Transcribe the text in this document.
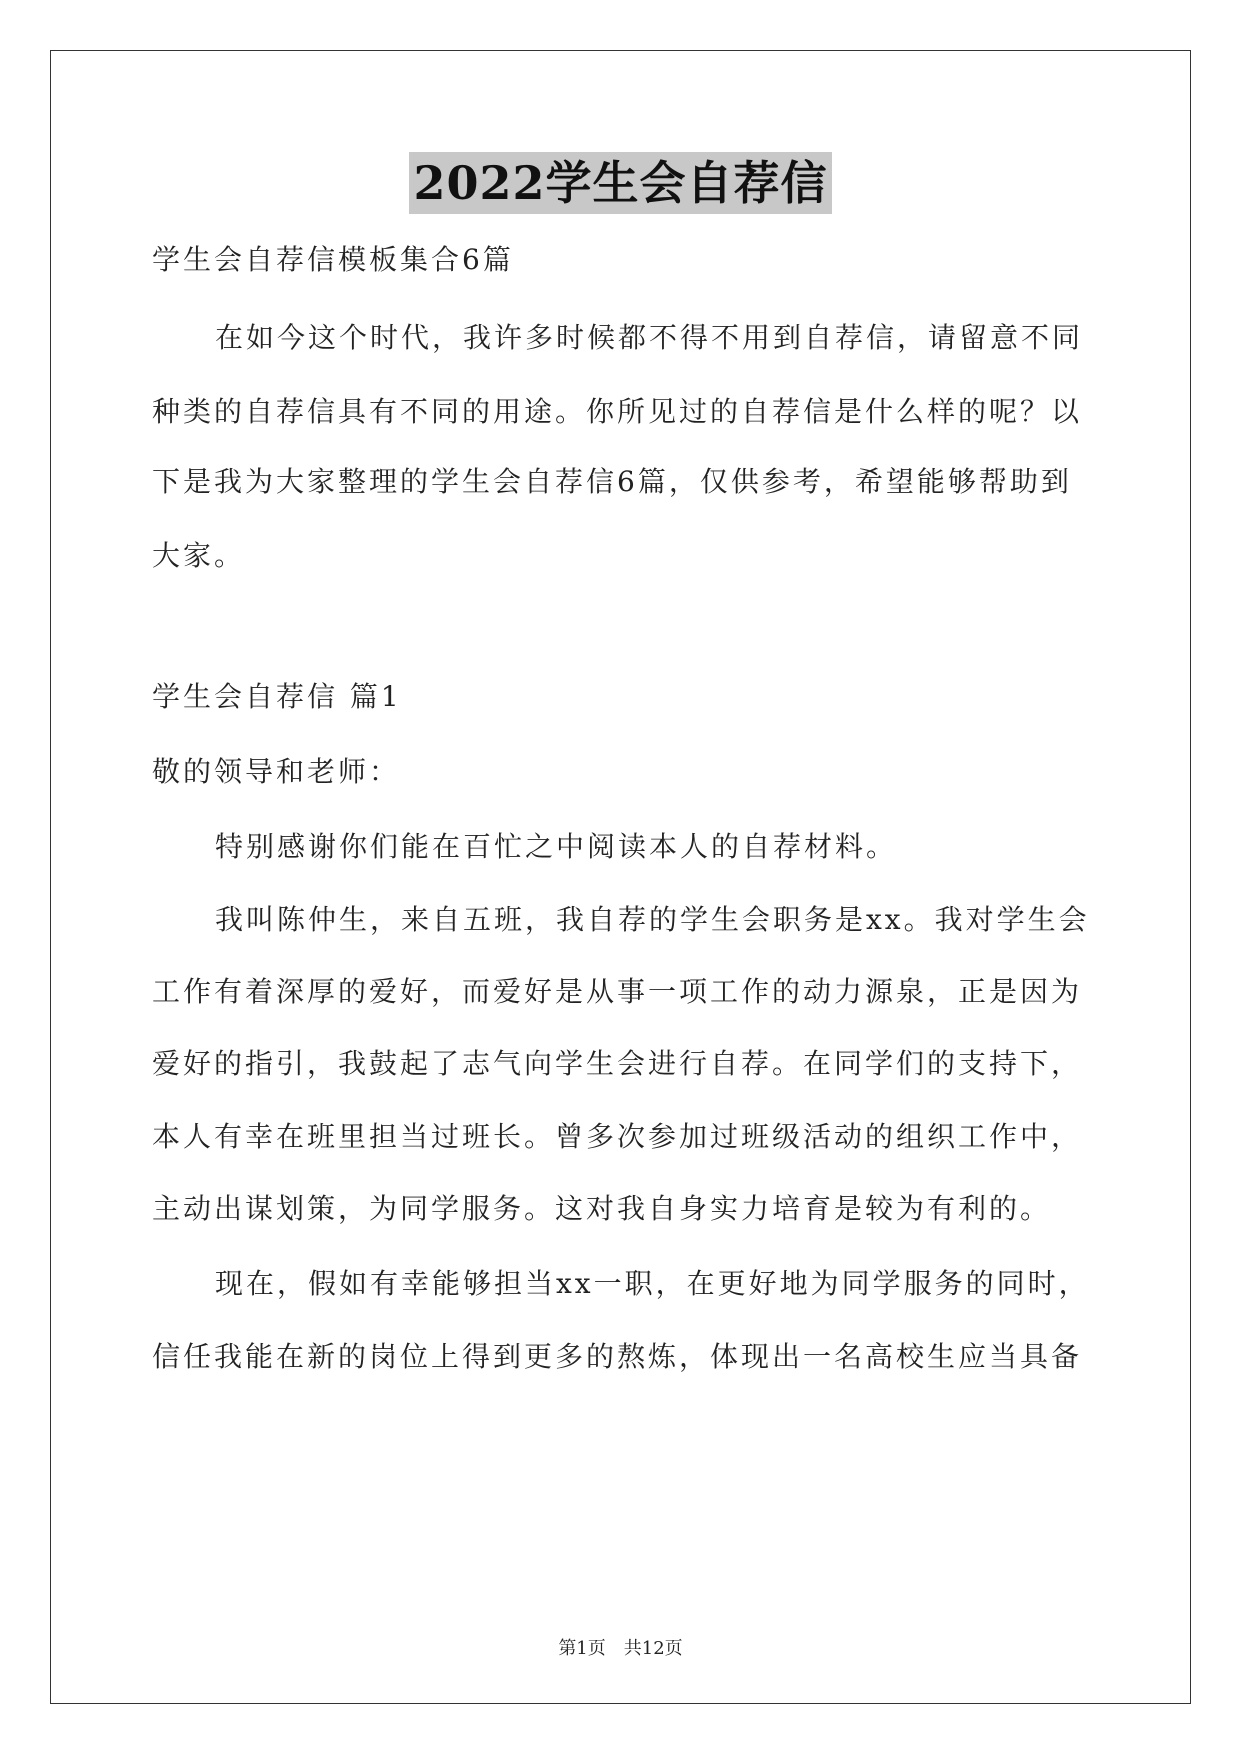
2022学生会自荐信
学生会自荐信模板集合6篇
在如今这个时代，我许多时候都不得不用到自荐信，请留意不同
种类的自荐信具有不同的用途。你所见过的自荐信是什么样的呢？以
下是我为大家整理的学生会自荐信6篇，仅供参考，希望能够帮助到
大家。
学生会自荐信 篇1
敬的领导和老师：
特别感谢你们能在百忙之中阅读本人的自荐材料。
我叫陈仲生，来自五班，我自荐的学生会职务是xx。我对学生会
工作有着深厚的爱好，而爱好是从事一项工作的动力源泉，正是因为
爱好的指引，我鼓起了志气向学生会进行自荐。在同学们的支持下，
本人有幸在班里担当过班长。曾多次参加过班级活动的组织工作中，
主动出谋划策，为同学服务。这对我自身实力培育是较为有利的。
现在，假如有幸能够担当xx一职，在更好地为同学服务的同时，
信任我能在新的岗位上得到更多的熬炼，体现出一名高校生应当具备
第1页　共12页
